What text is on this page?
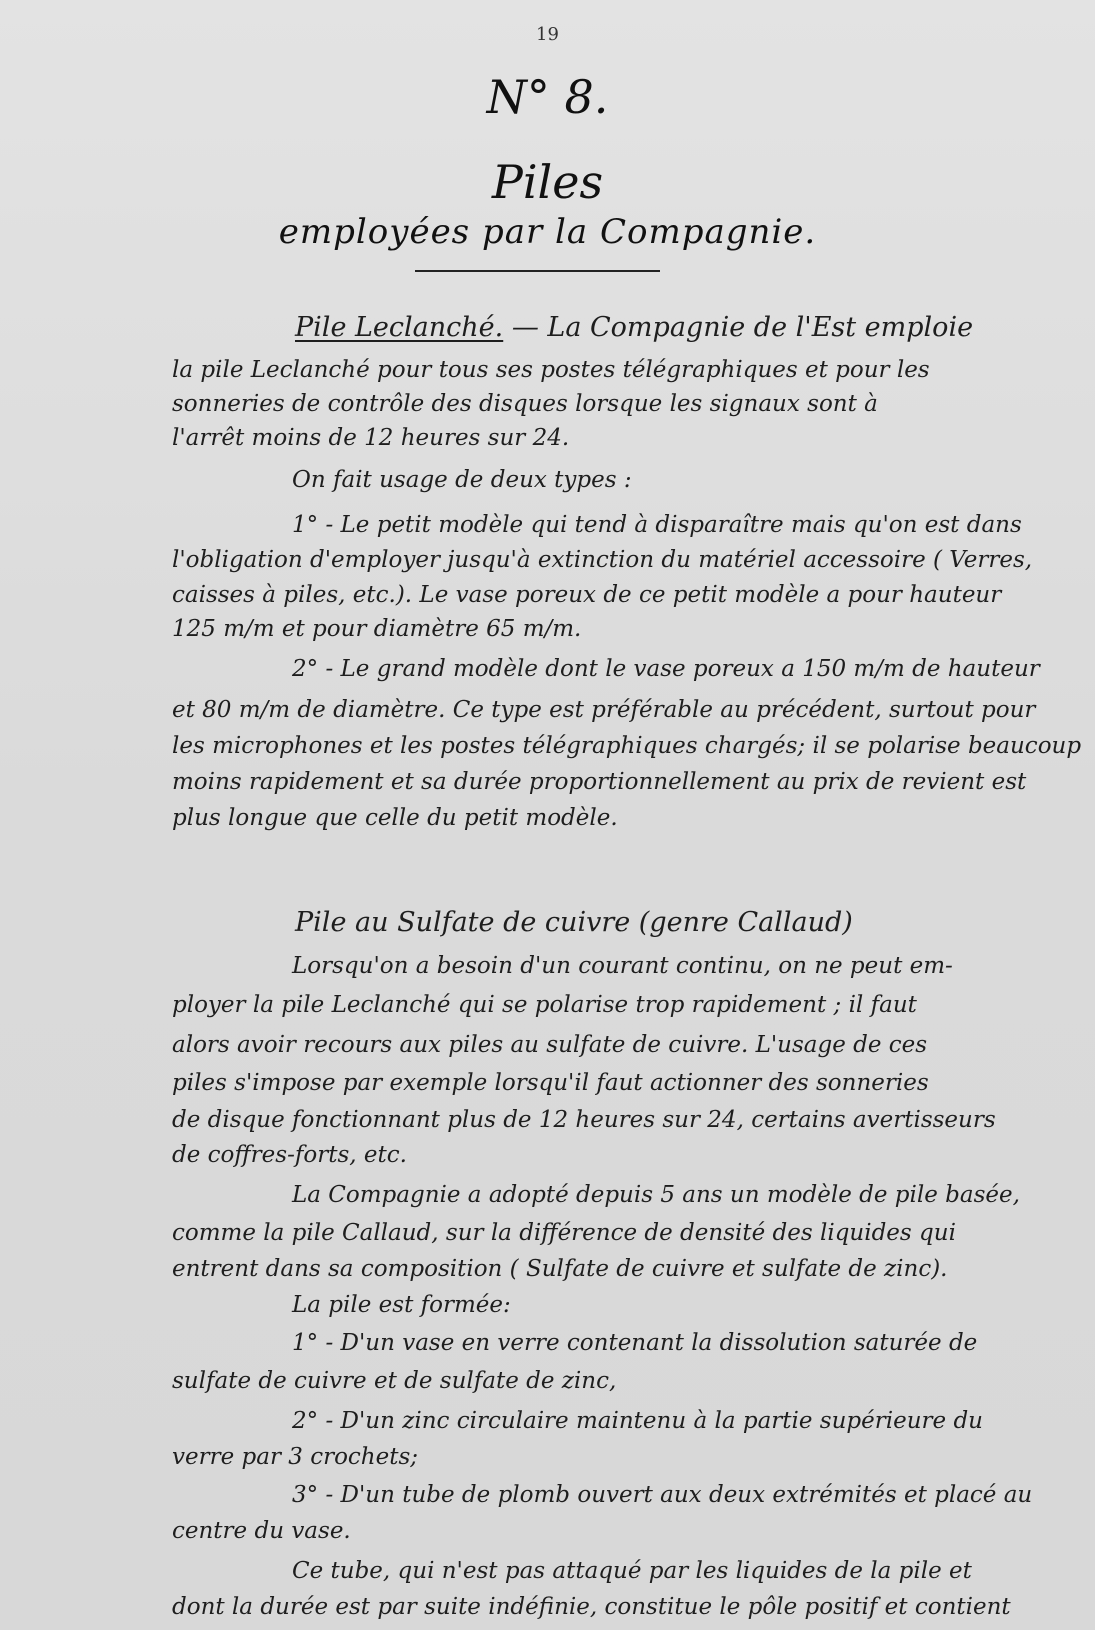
19
N° 8.
Piles
employées par la Compagnie.
Pile Leclanché. — La Compagnie de l'Est emploie
la pile Leclanché pour tous ses postes télégraphiques et pour les
sonneries de contrôle des disques lorsque les signaux sont à
l'arrêt moins de 12 heures sur 24.
On fait usage de deux types :
1° - Le petit modèle qui tend à disparaître mais qu'on est dans
l'obligation d'employer jusqu'à extinction du matériel accessoire ( Verres,
caisses à piles, etc.). Le vase poreux de ce petit modèle a pour hauteur
125 m/m et pour diamètre 65 m/m.
2° - Le grand modèle dont le vase poreux a 150 m/m de hauteur
et 80 m/m de diamètre. Ce type est préférable au précédent, surtout pour
les microphones et les postes télégraphiques chargés; il se polarise beaucoup
moins rapidement et sa durée proportionnellement au prix de revient est
plus longue que celle du petit modèle.
Pile au Sulfate de cuivre (genre Callaud)
Lorsqu'on a besoin d'un courant continu, on ne peut em-
ployer la pile Leclanché qui se polarise trop rapidement ; il faut
alors avoir recours aux piles au sulfate de cuivre. L'usage de ces
piles s'impose par exemple lorsqu'il faut actionner des sonneries
de disque fonctionnant plus de 12 heures sur 24, certains avertisseurs
de coffres-forts, etc.
La Compagnie a adopté depuis 5 ans un modèle de pile basée,
comme la pile Callaud, sur la différence de densité des liquides qui
entrent dans sa composition ( Sulfate de cuivre et sulfate de zinc).
La pile est formée:
1° - D'un vase en verre contenant la dissolution saturée de
sulfate de cuivre et de sulfate de zinc,
2° - D'un zinc circulaire maintenu à la partie supérieure du
verre par 3 crochets;
3° - D'un tube de plomb ouvert aux deux extrémités et placé au
centre du vase.
Ce tube, qui n'est pas attaqué par les liquides de la pile et
dont la durée est par suite indéfinie, constitue le pôle positif et contient
